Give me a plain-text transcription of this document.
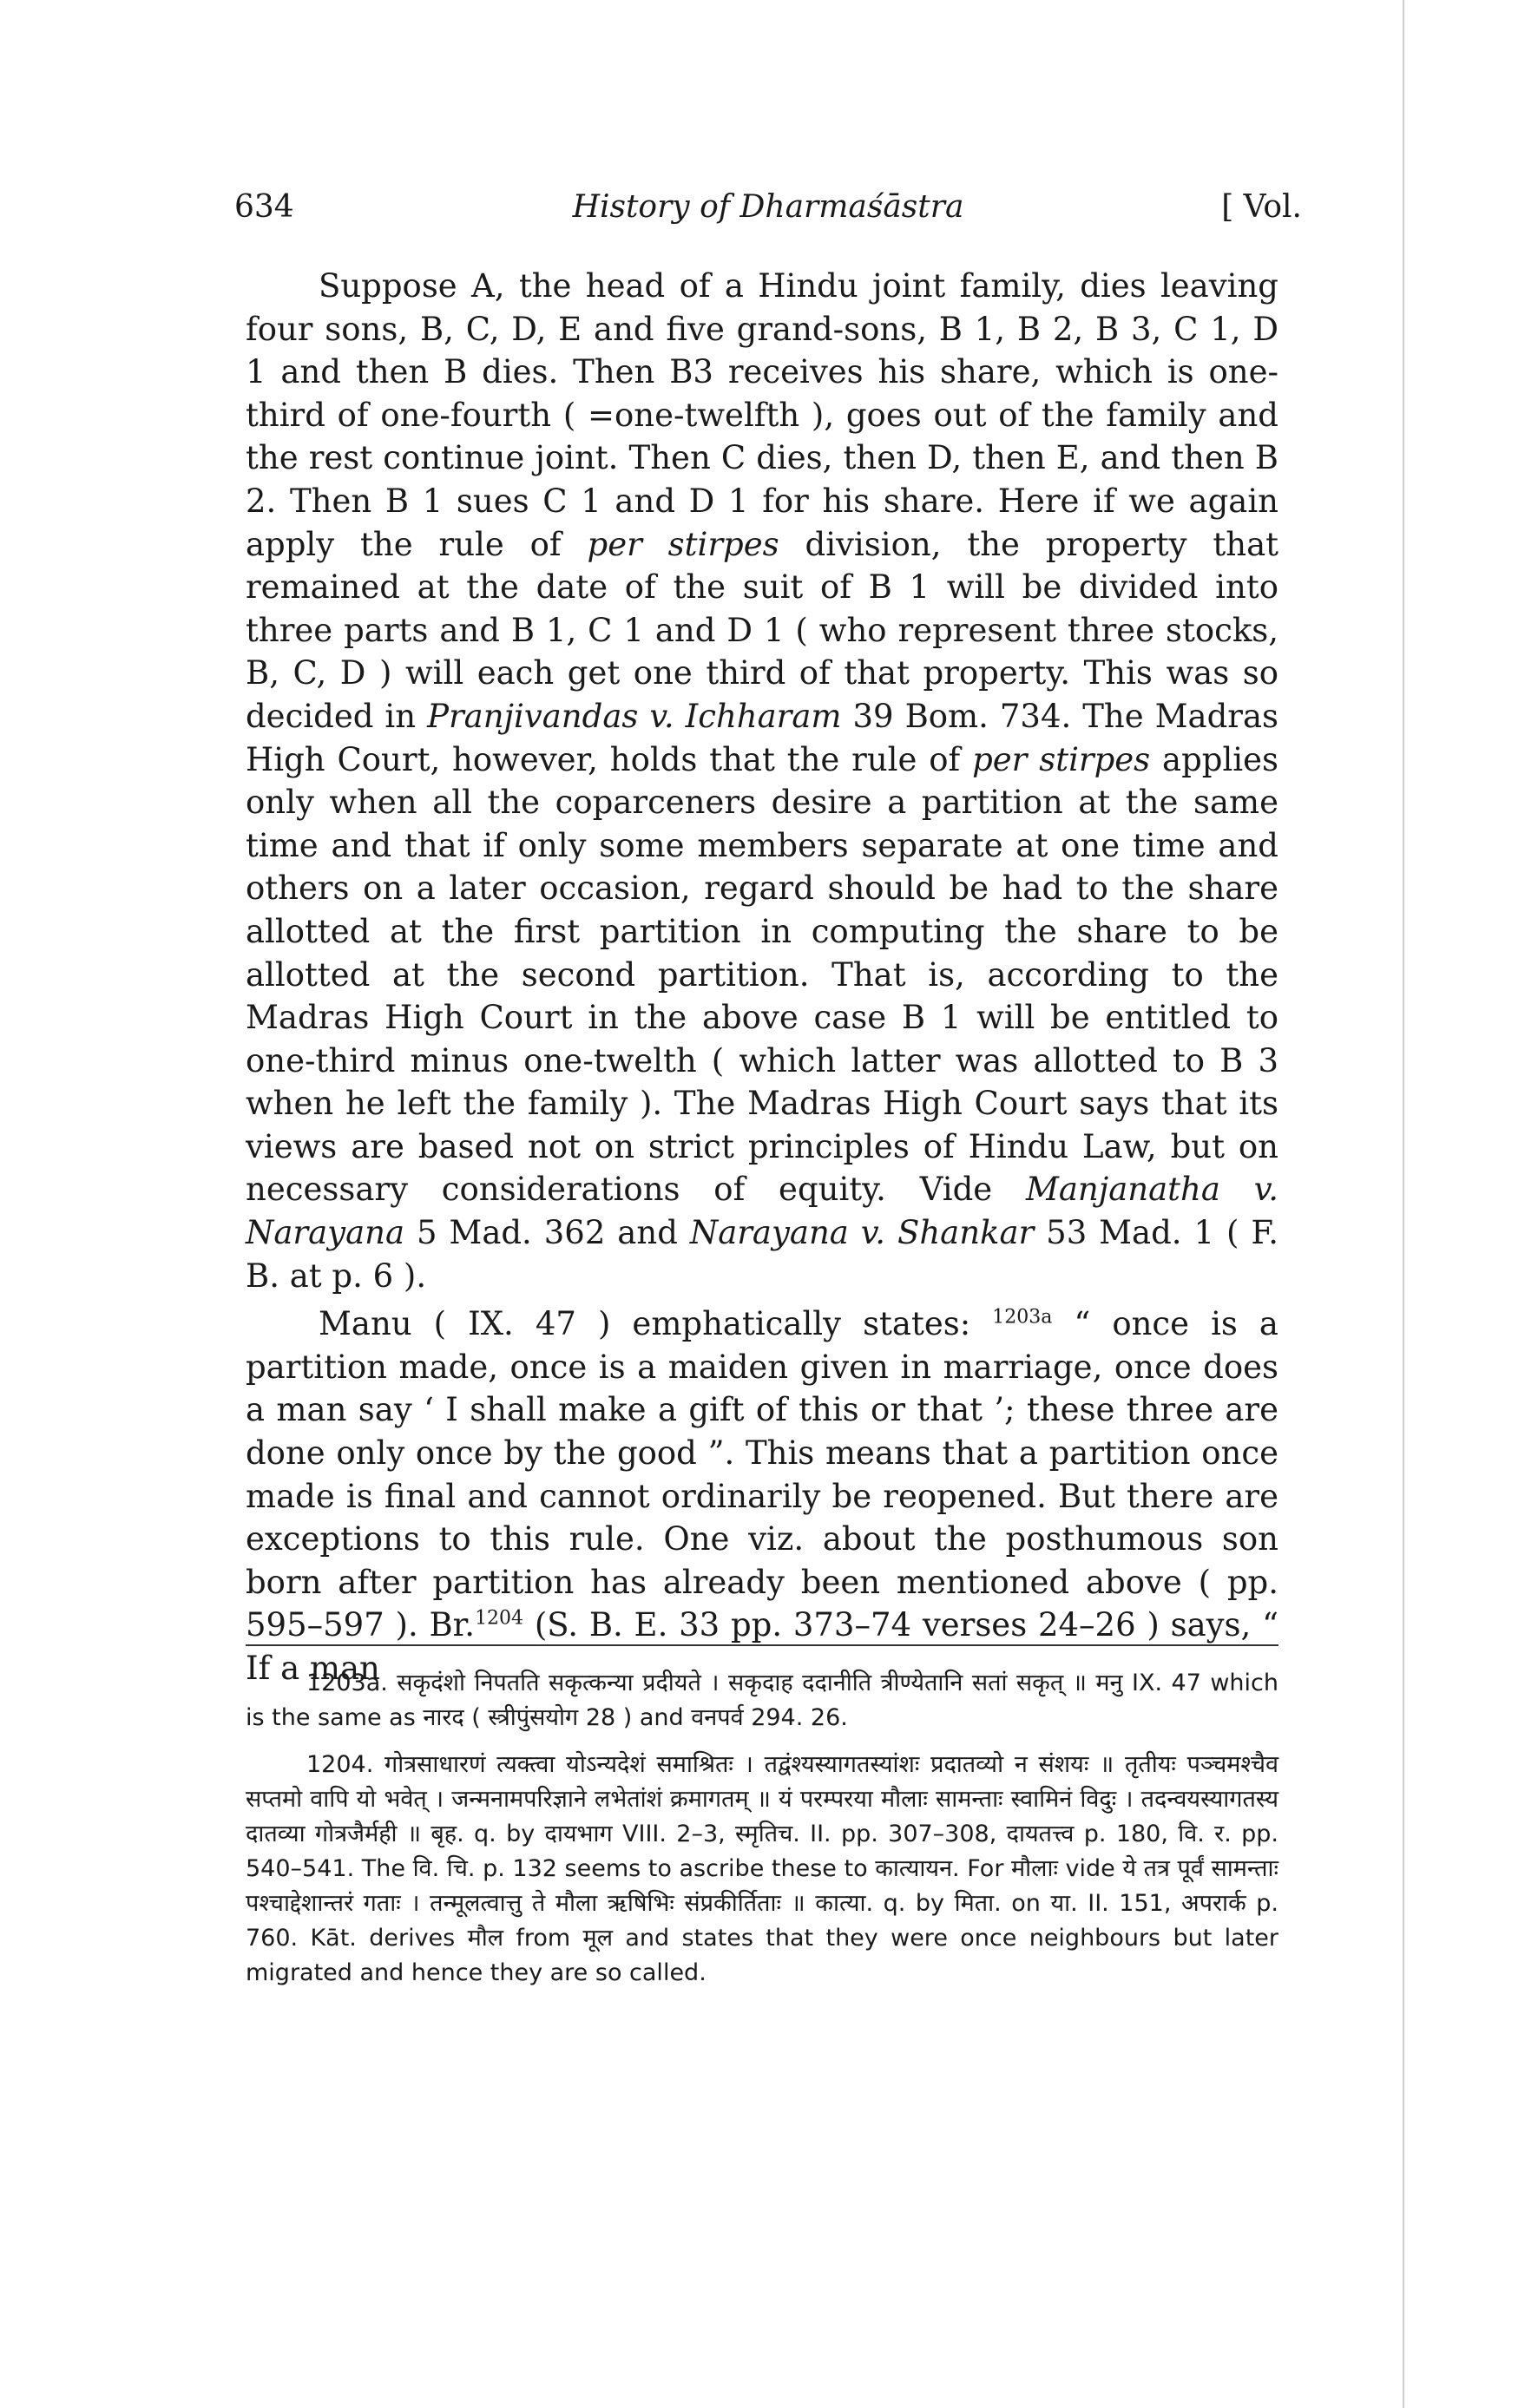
634	History of Dharmaśāstra	[ Vol.

Suppose A, the head of a Hindu joint family, dies leaving four sons, B, C, D, E and five grand-sons, B 1, B 2, B 3, C 1, D 1 and then B dies. Then B3 receives his share, which is one-third of one-fourth ( =one-twelfth ), goes out of the family and the rest continue joint. Then C dies, then D, then E, and then B 2. Then B 1 sues C 1 and D 1 for his share. Here if we again apply the rule of per stirpes division, the property that remained at the date of the suit of B 1 will be divided into three parts and B 1, C 1 and D 1 ( who represent three stocks, B, C, D ) will each get one third of that property. This was so decided in Pranjivandas v. Ichharam 39 Bom. 734. The Madras High Court, however, holds that the rule of per stirpes applies only when all the coparceners desire a partition at the same time and that if only some members separate at one time and others on a later occasion, regard should be had to the share allotted at the first partition in computing the share to be allotted at the second partition. That is, according to the Madras High Court in the above case B 1 will be entitled to one-third minus one-twelth ( which latter was allotted to B 3 when he left the family ). The Madras High Court says that its views are based not on strict principles of Hindu Law, but on necessary considerations of equity. Vide Manjanatha v. Narayana 5 Mad. 362 and Narayana v. Shankar 53 Mad. 1 ( F. B. at p. 6 ).

Manu ( IX. 47 ) emphatically states: $^{1203a}$ “ once is a partition made, once is a maiden given in marriage, once does a man say ‘ I shall make a gift of this or that ’; these three are done only once by the good ”. This means that a partition once made is final and cannot ordinarily be reopened. But there are exceptions to this rule. One viz. about the posthumous son born after partition has already been mentioned above ( pp. 595–597 ). Br.$^{1204}$ (S. B. E. 33 pp. 373–74 verses 24–26 ) says, “ If a man

1203a. सकृदंशो निपतति सकृत्कन्या प्रदीयते । सकृदाह ददानीति त्रीण्येतानि सतां सकृत् ॥ मनु IX. 47 which is the same as नारद ( स्त्रीपुंसयोग 28 ) and वनपर्व 294. 26.

1204. गोत्रसाधारणं त्यक्त्वा योऽन्यदेशं समाश्रितः । तद्वंश्यस्यागतस्यांशः प्रदातव्यो न संशयः ॥ तृतीयः पञ्चमश्चैव सप्तमो वापि यो भवेत् । जन्मनामपरिज्ञाने लभेतांशं क्रमागतम् ॥ यं परम्परया मौलाः सामन्ताः स्वामिनं विदुः । तदन्वयस्यागतस्य दातव्या गोत्रजैर्मही ॥ बृह. q. by दायभाग VIII. 2–3, स्मृतिच. II. pp. 307–308, दायतत्त्व p. 180, वि. र. pp. 540–541. The वि. चि. p. 132 seems to ascribe these to कात्यायन. For मौलाः vide ये तत्र पूर्वं सामन्ताः पश्चाद्देशान्तरं गताः । तन्मूलत्वात्तु ते मौला ऋषिभिः संप्रकीर्तिताः ॥ कात्या. q. by मिता. on या. II. 151, अपरार्क p. 760. Kāt. derives मौल from मूल and states that they were once neighbours but later migrated and hence they are so called.
